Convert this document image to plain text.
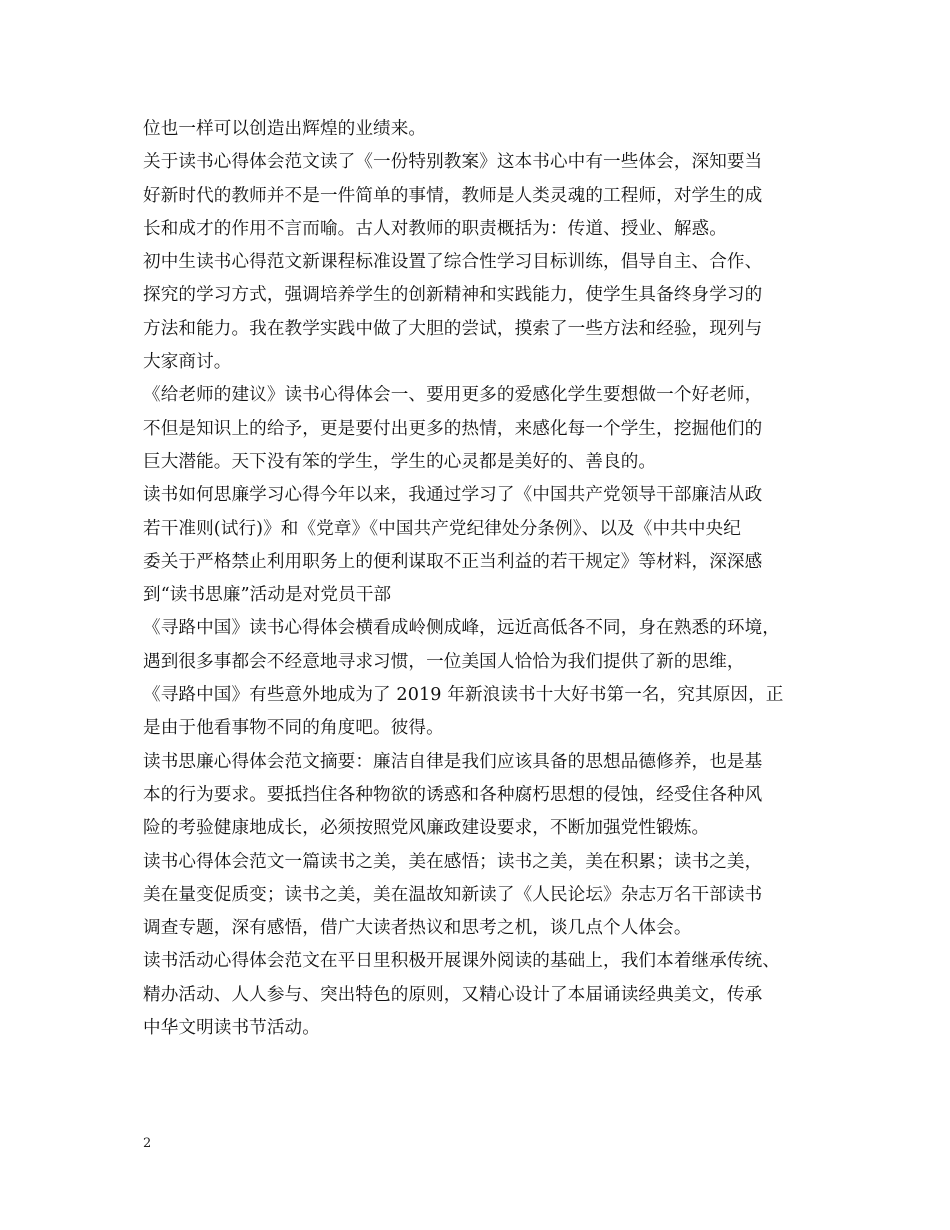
位也一样可以创造出辉煌的业绩来。
关于读书心得体会范文读了《一份特别教案》这本书心中有一些体会，深知要当
好新时代的教师并不是一件简单的事情，教师是人类灵魂的工程师，对学生的成
长和成才的作用不言而喻。古人对教师的职责概括为：传道、授业、解惑。
初中生读书心得范文新课程标准设置了综合性学习目标训练，倡导自主、合作、
探究的学习方式，强调培养学生的创新精神和实践能力，使学生具备终身学习的
方法和能力。我在教学实践中做了大胆的尝试，摸索了一些方法和经验，现列与
大家商讨。
《给老师的建议》读书心得体会一、要用更多的爱感化学生要想做一个好老师，
不但是知识上的给予，更是要付出更多的热情，来感化每一个学生，挖掘他们的
巨大潜能。天下没有笨的学生，学生的心灵都是美好的、善良的。
读书如何思廉学习心得今年以来，我通过学习了《中国共产党领导干部廉洁从政
若干准则(试行)》和《党章》《中国共产党纪律处分条例》、以及《中共中央纪
委关于严格禁止利用职务上的便利谋取不正当利益的若干规定》等材料，深深感
到“读书思廉”活动是对党员干部
《寻路中国》读书心得体会横看成岭侧成峰，远近高低各不同，身在熟悉的环境，
遇到很多事都会不经意地寻求习惯，一位美国人恰恰为我们提供了新的思维，
《寻路中国》有些意外地成为了 2019 年新浪读书十大好书第一名，究其原因，正
是由于他看事物不同的角度吧。彼得。
读书思廉心得体会范文摘要：廉洁自律是我们应该具备的思想品德修养，也是基
本的行为要求。要抵挡住各种物欲的诱惑和各种腐朽思想的侵蚀，经受住各种风
险的考验健康地成长，必须按照党风廉政建设要求，不断加强党性锻炼。
读书心得体会范文一篇读书之美，美在感悟；读书之美，美在积累；读书之美，
美在量变促质变；读书之美，美在温故知新读了《人民论坛》杂志万名干部读书
调查专题，深有感悟，借广大读者热议和思考之机，谈几点个人体会。
读书活动心得体会范文在平日里积极开展课外阅读的基础上，我们本着继承传统、
精办活动、人人参与、突出特色的原则，又精心设计了本届诵读经典美文，传承
中华文明读书节活动。
2
